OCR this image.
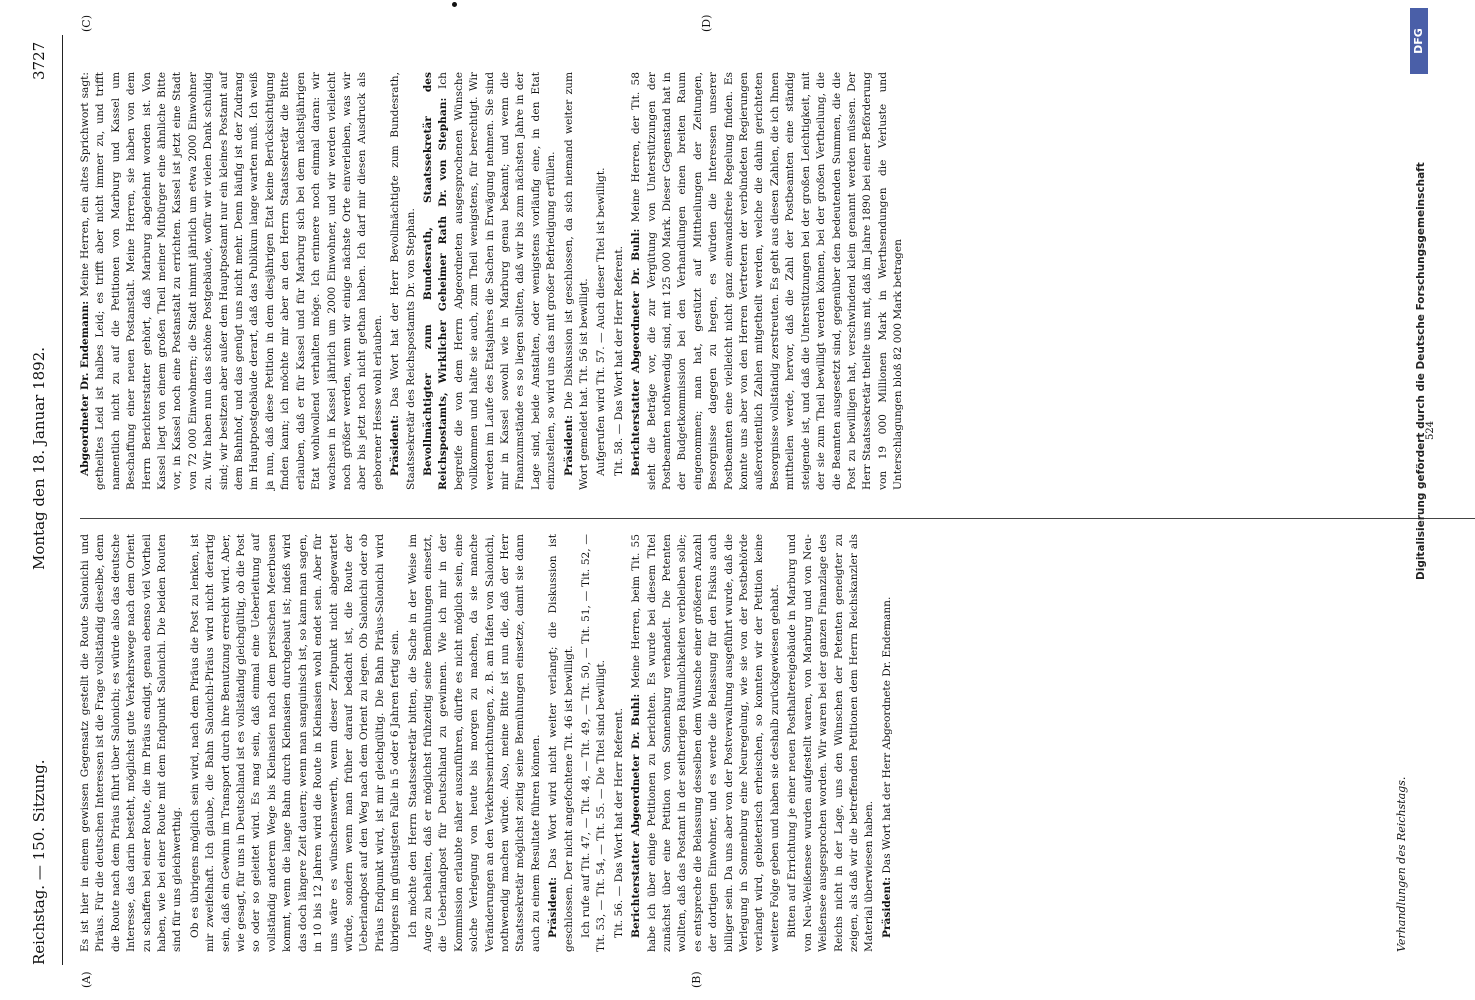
Reichstag. — 150. Sitzung.
Montag den 18. Januar 1892.
3727
(A)	(B)
(C)	(D)

Es ist hier in einem gewissen Gegensatz gestellt die Route Salonichi und Piräus. Für die deutschen Interessen ist die Frage vollständig dieselbe, denn die Route nach dem Piräus führt über Salonichi; es würde also das deutsche Interesse, das darin besteht, möglichst gute Verkehrswege nach dem Orient zu schaffen bei einer Route, die im Piräus endigt, genau ebenso viel Vortheil haben, wie bei einer Route mit dem Endpunkt Salonichi. Die beiden Routen sind für uns gleichwerthig. Ob es übrigens möglich sein wird, nach dem Piräus die Post zu lenken, ist mir zweifelhaft. Ich glaube, die Bahn Salonichi-Piräus wird nicht derartig sein, daß ein Gewinn im Transport durch ihre Benutzung erreicht wird. Aber, wie gesagt, für uns in Deutschland ist es vollständig gleichgültig, ob die Post so oder so geleitet wird. Es mag sein, daß einmal eine Ueberleitung auf vollständig anderem Wege bis Kleinasien nach dem persischen Meerbusen kommt, wenn die lange Bahn durch Kleinasien durchgebaut ist; indeß wird das doch längere Zeit dauern; wenn man sanguinisch ist, so kann man sagen, in 10 bis 12 Jahren wird die Route in Kleinasien wohl endet sein. Aber für uns wäre es wünschenswerth, wenn dieser Zeitpunkt nicht abgewartet würde, sondern wenn man früher darauf bedacht ist, die Route der Ueberlandpost auf den Weg nach dem Orient zu legen. Ob Salonichi oder ob Piräus Endpunkt wird, ist mir gleichgültig. Die Bahn Piräus-Salonichi wird übrigens im günstigsten Falle in 5 oder 6 Jahren fertig sein. Ich möchte den Herrn Staatssekretär bitten, die Sache in der Weise im Auge zu behalten, daß er möglichst frühzeitig seine Bemühungen einsetzt, die Ueberlandpost für Deutschland zu gewinnen. Wie ich mir in der Kommission erlaubte näher auszuführen, dürfte es nicht möglich sein, eine solche Verlegung von heute bis morgen zu machen, da sie manche Veränderungen an den Verkehrseinrichtungen, z. B. am Hafen von Salonichi, nothwendig machen würde. Also, meine Bitte ist nun die, daß der Herr Staatssekretär möglichst zeitig seine Bemühungen einsetze, damit sie dann auch zu einem Resultate führen können. Präsident: Das Wort wird nicht weiter verlangt; die Diskussion ist geschlossen. Der nicht angefochtene Tit. 46 ist bewilligt. Ich rufe auf Tit. 47, — Tit. 48, — Tit. 49, — Tit. 50, — Tit. 51, — Tit. 52, — Tit. 53, — Tit. 54, — Tit. 55. — Die Titel sind bewilligt. Tit. 56. — Das Wort hat der Herr Referent. Berichterstatter Abgeordneter Dr. Buhl: Meine Herren, beim Tit. 55 habe ich über einige Petitionen zu berichten. Es wurde bei diesem Titel zunächst über eine Petition von Sonnenburg verhandelt. Die Petenten wollten, daß das Postamt in der seitherigen Räumlichkeiten verbleiben solle; es entspreche die Belassung desselben dem Wunsche einer größeren Anzahl der dortigen Einwohner, und es werde die Belassung für den Fiskus auch billiger sein. Da uns aber von der Postverwaltung ausgeführt wurde, daß die Verlegung in Sonnenburg eine Neuregelung, wie sie von der Postbehörde verlangt wird, gebieterisch erheischen, so konnten wir der Petition keine weitere Folge geben und haben sie deshalb zurückgewiesen gehabt. Bitten auf Errichtung je einer neuen Posthaltereigebäude in Marburg und von Neu-Weißensee wurden aufgestellt waren, von Marburg und von Neu-Weißensee ausgesprochen worden. Wir waren bei der ganzen Finanzlage des Reichs nicht in der Lage, uns den Wünschen der Petenten geneigter zu zeigen, als daß wir die betreffenden Petitionen dem Herrn Reichskanzler als Material überwiesen haben. Präsident: Das Wort hat der Herr Abgeordnete Dr. Endemann.

Abgeordneter Dr. Endemann: Meine Herren, ein altes Sprichwort sagt: getheiltes Leid ist halbes Leid; es trifft aber nicht immer zu, und trifft namentlich nicht zu auf die Petitionen von Marburg und Kassel um Beschaffung einer neuen Postanstalt. Meine Herren, sie haben von dem Herrn Berichterstatter gehört, daß Marburg abgelehnt worden ist. Von Kassel liegt von einem großen Theil meiner Mitbürger eine ähnliche Bitte vor, in Kassel noch eine Postanstalt zu errichten. Kassel ist jetzt eine Stadt von 72 000 Einwohnern; die Stadt nimmt jährlich um etwa 2000 Einwohner zu. Wir haben nun das schöne Postgebäude, wofür wir vielen Dank schuldig sind; wir besitzen aber außer dem Hauptpostamt nur ein kleines Postamt auf dem Bahnhof, und das genügt uns nicht mehr. Denn häufig ist der Zudrang im Hauptpostgebäude derart, daß das Publikum lange warten muß. Ich weiß ja nun, daß diese Petition in dem diesjährigen Etat keine Berücksichtigung finden kann; ich möchte mir aber an den Herrn Staatssekretär die Bitte erlauben, daß er für Kassel und für Marburg sich bei dem nächstjährigen Etat wohlwollend verhalten möge. Ich erinnere noch einmal daran: wir wachsen in Kassel jährlich um 2000 Einwohner, und wir werden vielleicht noch größer werden, wenn wir einige nächste Orte einverleiben, was wir aber bis jetzt noch nicht gethan haben. Ich darf mir diesen Ausdruck als geborener Hesse wohl erlauben. Präsident: Das Wort hat der Herr Bevollmächtigte zum Bundesrath, Staatssekretär des Reichspostamts Dr. von Stephan. Bevollmächtigter zum Bundesrath, Staatssekretär des Reichspostamts, Wirklicher Geheimer Rath Dr. von Stephan: Ich begreife die von dem Herrn Abgeordneten ausgesprochenen Wünsche vollkommen und halte sie auch, zum Theil wenigstens, für berechtigt. Wir werden im Laufe des Etatsjahres die Sachen in Erwägung nehmen. Sie sind mir in Kassel sowohl wie in Marburg genau bekannt; und wenn die Finanzumstände es so liegen sollten, daß wir bis zum nächsten Jahre in der Lage sind, beide Anstalten, oder wenigstens vorläufig eine, in den Etat einzustellen, so wird uns das mit großer Befriedigung erfüllen. Präsident: Die Diskussion ist geschlossen, da sich niemand weiter zum Wort gemeldet hat. Tit. 56 ist bewilligt. Aufgerufen wird Tit. 57. — Auch dieser Titel ist bewilligt. Tit. 58. — Das Wort hat der Herr Referent. Berichterstatter Abgeordneter Dr. Buhl: Meine Herren, der Tit. 58 sieht die Beträge vor, die zur Vergütung von Unterstützungen der Postbeamten nothwendig sind, mit 125 000 Mark. Dieser Gegenstand hat in der Budgetkommission bei den Verhandlungen einen breiten Raum eingenommen; man hat, gestützt auf Mittheilungen der Zeitungen, Besorgnisse dagegen zu hegen, es würden die Interessen unserer Postbeamten eine vielleicht nicht ganz einwandsfreie Regelung finden. Es konnte uns aber von den Herren Vertretern der verbündeten Regierungen außerordentlich Zahlen mitgetheilt werden, welche die dahin gerichteten Besorgnisse vollständig zerstreuten. Es geht aus diesen Zahlen, die ich Ihnen mittheilen werde, hervor, daß die Zahl der Postbeamten eine ständig steigende ist, und daß die Unterstützungen bei der großen Leichtigkeit, mit der sie zum Theil bewilligt werden können, bei der großen Vertheilung, die die Beamten ausgesetzt sind, gegenüber den bedeutenden Summen, die die Post zu bewilligen hat, verschwindend klein genannt werden müssen. Der Herr Staatssekretär theilte uns mit, daß im Jahre 1890 bei einer Beförderung von 19 000 Millionen Mark in Werthsendungen die Verluste und Unterschlagungen bloß 82 000 Mark betragen

Verhandlungen des Reichstags.
524
Digitalisierung gefördert durch die Deutsche Forschungsgemeinschaft
DFG
